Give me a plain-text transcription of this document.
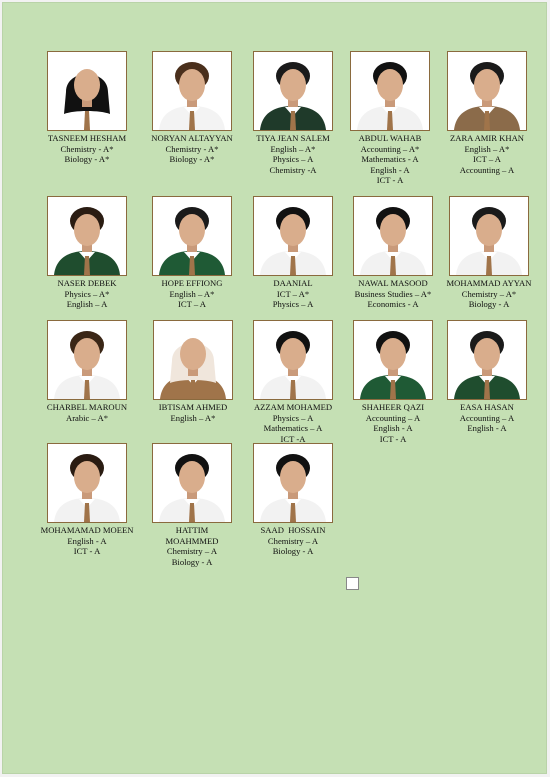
TASNEEM HESHAM
Chemistry - A*
Biology - A*
NORYAN ALTAYYAN
Chemistry - A*
Biology - A*
TIYA JEAN SALEM
English – A*
Physics – A
Chemistry -A
ABDUL WAHAB
Accounting – A*
Mathematics - A
English - A
ICT - A
ZARA AMIR KHAN
English – A*
ICT – A
Accounting – A
NASER DEBEK
Physics – A*
English – A
HOPE EFFIONG
English – A*
ICT – A
DAANIAL
ICT – A*
Physics – A
NAWAL MASOOD
Business Studies – A*
Economics - A
MOHAMMAD AYYAN
Chemistry – A*
Biology - A
CHARBEL MAROUN
Arabic – A*
IBTISAM AHMED
English – A*
AZZAM MOHAMED
Physics – A
Mathematics – A
ICT -A
SHAHEER QAZI
Accounting – A
English - A
ICT - A
EASA HASAN
Accounting – A
English - A
MOHAMAMAD MOEEN
English - A
ICT - A
HATTIM MOAHMMED
Chemistry – A
Biology - A
SAAD  HOSSAIN
Chemistry – A
Biology - A
